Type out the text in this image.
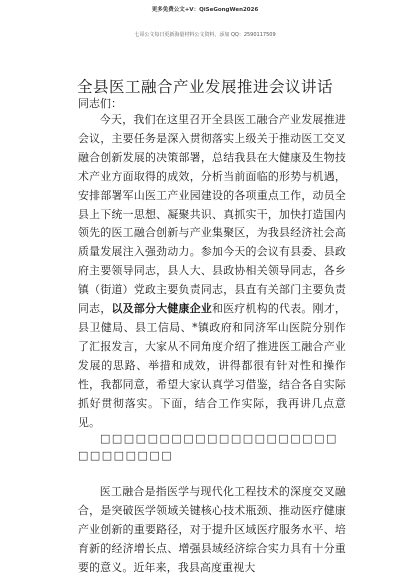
更多免费公文+V：QiSeGongWen2026
七哥公文每日更新海量材料公文资料，添加 QQ：2590117509
全县医工融合产业发展推进会议讲话
同志们：

今天，我们在这里召开全县医工融合产业发展推进会议，主要任务是深入贯彻落实上级关于推动医工交叉融合创新发展的决策部署，总结我县在大健康及生物技术产业方面取得的成效，分析当前面临的形势与机遇，安排部署军山医工产业园建设的各项重点工作，动员全县上下统一思想、凝聚共识、真抓实干，加快打造国内领先的医工融合创新与产业集聚区，为我县经济社会高质量发展注入强劲动力。参加今天的会议有县委、县政府主要领导同志，县人大、县政协相关领导同志，各乡镇（街道）党政主要负责同志，县直有关部门主要负责同志，以及部分大健康企业和医疗机构的代表。刚才，县卫健局、县工信局、*镇政府和同济军山医院分别作了汇报发言，大家从不同角度介绍了推进医工融合产业发展的思路、举措和成效，讲得都很有针对性和操作性，我都同意，希望大家认真学习借鉴，结合各自实际抓好贯彻落实。下面，结合工作实际，我再讲几点意见。

□□□□□□□□□□□□□□□□□□□□□□□□□□□□

医工融合是指医学与现代化工程技术的深度交叉融合，是突破医学领域关键核心技术瓶颈、推动医疗健康产业创新的重要路径，对于提升区域医疗服务水平、培育新的经济增长点、增强县域经济综合实力具有十分重要的意义。近年来，我县高度重视大
